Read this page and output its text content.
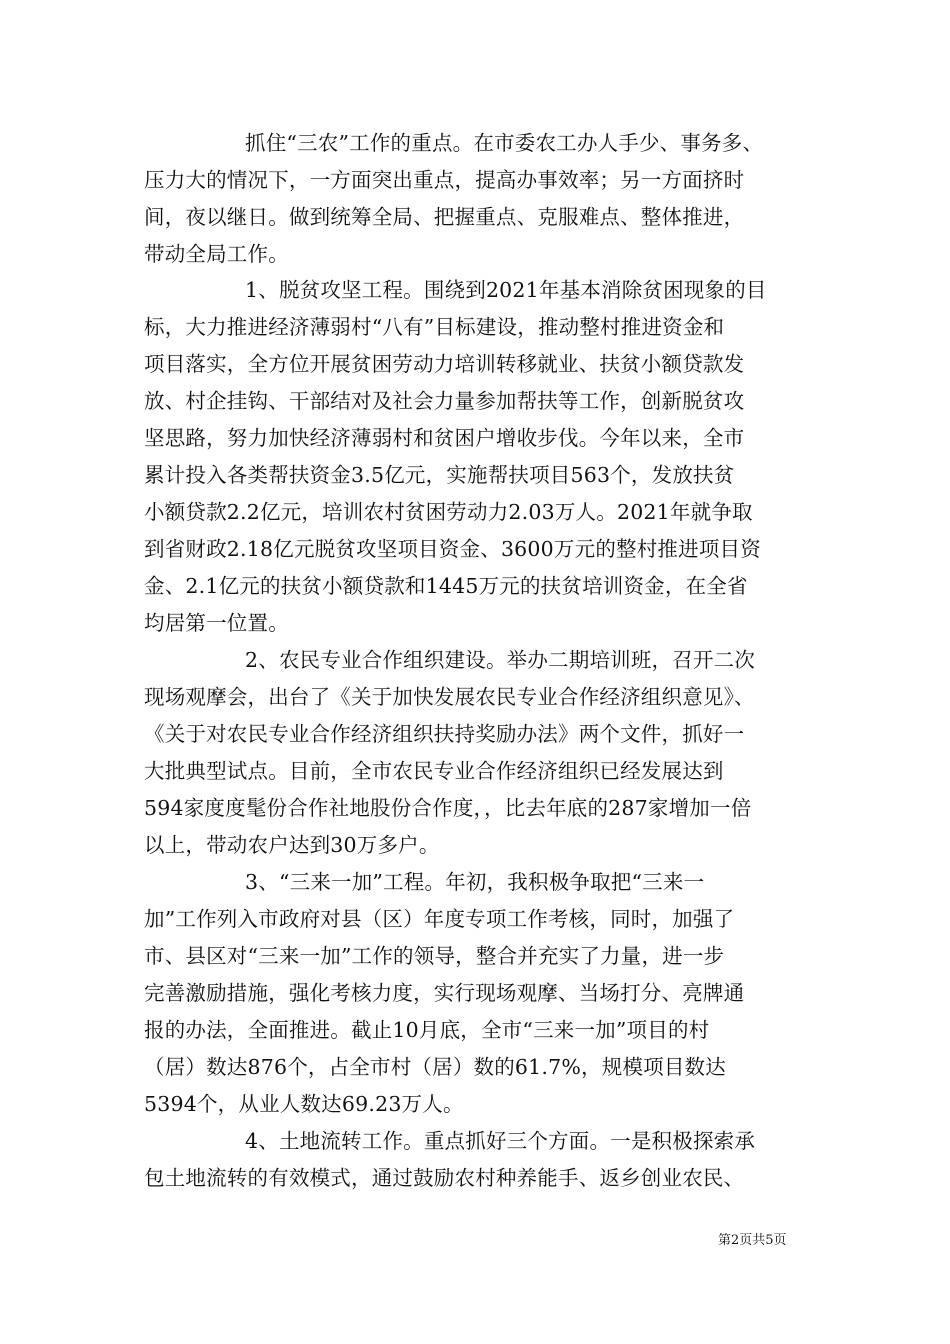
抓住“三农”工作的重点。在市委农工办人手少、事务多、
压力大的情况下，一方面突出重点，提高办事效率；另一方面挤时
间，夜以继日。做到统筹全局、把握重点、克服难点、整体推进，
带动全局工作。
1、脱贫攻坚工程。围绕到2021年基本消除贫困现象的目
标，大力推进经济薄弱村“八有”目标建设，推动整村推进资金和
项目落实，全方位开展贫困劳动力培训转移就业、扶贫小额贷款发
放、村企挂钩、干部结对及社会力量参加帮扶等工作，创新脱贫攻
坚思路，努力加快经济薄弱村和贫困户增收步伐。今年以来，全市
累计投入各类帮扶资金3.5亿元，实施帮扶项目563个，发放扶贫
小额贷款2.2亿元，培训农村贫困劳动力2.03万人。2021年就争取
到省财政2.18亿元脱贫攻坚项目资金、3600万元的整村推进项目资
金、2.1亿元的扶贫小额贷款和1445万元的扶贫培训资金，在全省
均居第一位置。
2、农民专业合作组织建设。举办二期培训班，召开二次
现场观摩会，出台了《关于加快发展农民专业合作经济组织意见》、
《关于对农民专业合作经济组织扶持奖励办法》两个文件，抓好一
大批典型试点。目前，全市农民专业合作经济组织已经发展达到
594家度度髦份合作社地股份合作度，，比去年底的287家增加一倍
以上，带动农户达到30万多户。
3、“三来一加”工程。年初，我积极争取把“三来一
加”工作列入市政府对县（区）年度专项工作考核，同时，加强了
市、县区对“三来一加”工作的领导，整合并充实了力量，进一步
完善激励措施，强化考核力度，实行现场观摩、当场打分、亮牌通
报的办法，全面推进。截止10月底，全市“三来一加”项目的村
（居）数达876个，占全市村（居）数的61.7%，规模项目数达
5394个，从业人数达69.23万人。
4、土地流转工作。重点抓好三个方面。一是积极探索承
包土地流转的有效模式，通过鼓励农村种养能手、返乡创业农民、
第2页共5页
